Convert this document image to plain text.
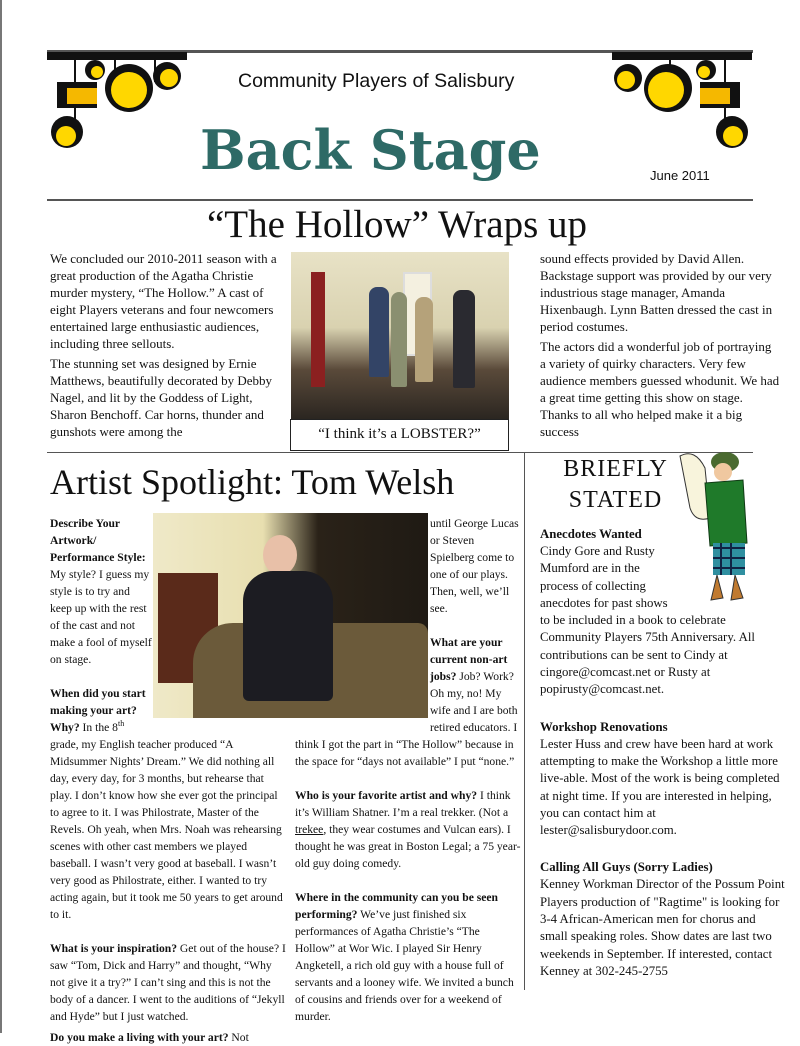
Community Players of Salisbury
Back Stage	June 2011
“The Hollow” Wraps up

We concluded our 2010-2011 season with a great production of the Agatha Christie murder mystery, “The Hollow.” A cast of eight Players veterans and four newcomers entertained large enthusiastic audiences, including three sellouts.

The stunning set was designed by Ernie Matthews, beautifully decorated by Debby Nagel, and lit by the Goddess of Light, Sharon Benchoff. Car horns, thunder and gunshots were among the	“I think it’s a LOBSTER?”

sound effects provided by David Allen. Backstage support was provided by our very industrious stage manager, Amanda Hixenbaugh. Lynn Batten dressed the cast in period costumes.

The actors did a wonderful job of portraying a variety of quirky characters. Very few audience members guessed whodunit. We had a great time getting this show on stage. Thanks to all who helped make it a big success

Artist Spotlight: Tom Welsh

Describe Your Artwork/ Performance Style: My style? I guess my style is to try and keep up with the rest of the cast and not make a fool of myself on stage.

When did you start making your art? Why? In the 8th grade, my English teacher produced “A Midsummer Nights’ Dream.” We did nothing all day, every day, for 3 months, but rehearse that play. I don’t know how she ever got the principal to agree to it. I was Philostrate, Master of the Revels. Oh yeah, when Mrs. Noah was rehearsing scenes with other cast members we played baseball. I wasn’t very good at baseball. I wasn’t very good as Philostrate, either. I wanted to try acting again, but it took me 50 years to get around to it.

What is your inspiration? Get out of the house? I saw “Tom, Dick and Harry” and thought, “Why not give it a try?” I can’t sing and this is not the body of a dancer. I went to the auditions of “Jekyll and Hyde” but I just watched.

Do you make a living with your art? Not

until George Lucas or Steven Spielberg come to one of our plays. Then, well, we’ll see.

What are your current non-art jobs? Job? Work? Oh my, no! My wife and I are both retired educators. I think I got the part in “The Hollow” because in the space for “days not available” I put “none.”

Who is your favorite artist and why? I think it’s William Shatner. I’m a real trekker. (Not a trekee, they wear costumes and Vulcan ears). I thought he was great in Boston Legal; a 75 year-old guy doing comedy.

Where in the community can you be seen performing? We’ve just finished six performances of Agatha Christie’s “The Hollow” at Wor Wic. I played Sir Henry Angketell, a rich old guy with a house full of servants and a looney wife. We invited a bunch of cousins and friends over for a weekend of murder.

BRIEFLY
STATED
Anecdotes Wanted
Cindy Gore and Rusty Mumford are in the process of collecting anecdotes for past shows to be included in a book to celebrate Community Players 75th Anniversary. All contributions can be sent to Cindy at cingore@comcast.net or Rusty at popirusty@comcast.net.
Workshop Renovations
Lester Huss and crew have been hard at work attempting to make the Workshop a little more live-able. Most of the work is being completed at night time. If you are interested in helping, you can contact him at lester@salisburydoor.com.
Calling All Guys (Sorry Ladies)
Kenney Workman Director of the Possum Point Players production of "Ragtime" is looking for 3-4 African-American men for chorus and small speaking roles. Show dates are last two weekends in September. If interested, contact Kenney at 302-245-2755
